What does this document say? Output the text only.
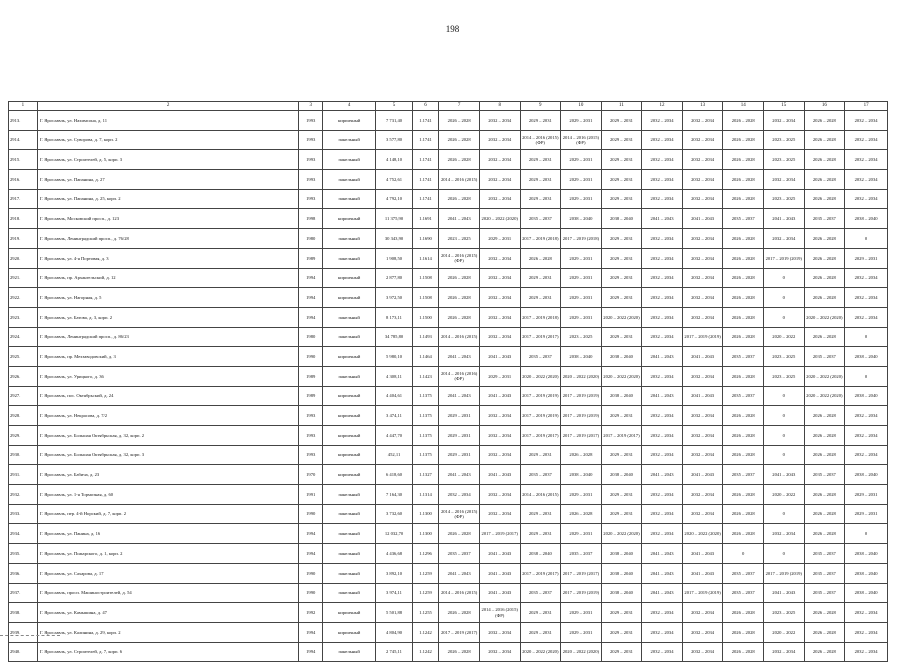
198
1	2	3	4	5	6	7	8	9	10	11	12	13	14	15	16	17
2913.	Г. Ярославль, ул. Нахимсона, д. 11	1993	кирпичный	7 731,40	1.1741	2026 – 2028	2032 – 2034	2029 – 2031	2029 – 2031	2029 – 2031	2032 – 2034	2032 – 2034	2026 – 2028	2032 – 2034	2026 – 2028	2032 – 2034
2914.	Г. Ярославль, ул. Суворова, д. 7, корп. 2	1993	панельный	3 577,80	1.1741	2026 – 2028	2032 – 2034	2014 – 2016 (2015) (ФР)	2014 – 2016 (2015) (ФР)	2029 – 2031	2032 – 2034	2032 – 2034	2026 – 2028	2023 – 2025	2026 – 2028	2032 – 2034
2915.	Г. Ярославль, ул. Строителей, д. 5, корп. 3	1993	панельный	4 148,10	1.1741	2026 – 2028	2032 – 2034	2029 – 2031	2029 – 2031	2029 – 2031	2032 – 2034	2032 – 2034	2026 – 2028	2023 – 2025	2026 – 2028	2032 – 2034
2916.	Г. Ярославль, ул. Папанина, д. 27	1993	панельный	4 752,61	1.1741	2014 – 2016 (2015)	2032 – 2034	2029 – 2031	2029 – 2031	2029 – 2031	2032 – 2034	2032 – 2034	2026 – 2028	2032 – 2034	2026 – 2028	2032 – 2034
2917.	Г. Ярославль, ул. Папанина, д. 25, корп. 2	1993	панельный	4 792,10	1.1741	2026 – 2028	2032 – 2034	2029 – 2031	2029 – 2031	2029 – 2031	2032 – 2034	2032 – 2034	2026 – 2028	2023 – 2025	2026 – 2028	2032 – 2034
2918.	Г. Ярославль, Московский просп., д. 123	1998	кирпичный	11 375,90	1.1691	2041 – 2043	2020 – 2022 (2020)	2035 – 2037	2038 – 2040	2038 – 2040	2041 – 2043	2041 – 2043	2035 – 2037	2041 – 2043	2035 – 2037	2038 – 2040
2919.	Г. Ярославль, Ленинградский просп., д. 76/28	1980	панельный	30 343,90	1.1690	2023 – 2025	2029 – 2031	2017 – 2019 (2018)	2017 – 2019 (2018)	2029 – 2031	2032 – 2034	2032 – 2034	2026 – 2028	2032 – 2034	2026 – 2028	0
2920.	Г. Ярославль, ул. 4-я Портовая, д. 3	1989	панельный	1 908,50	1.1614	2014 – 2016 (2015) (ФР)	2032 – 2034	2026 – 2028	2029 – 2031	2029 – 2031	2032 – 2034	2032 – 2034	2026 – 2028	2017 – 2019 (2019)	2026 – 2028	2029 – 2031
2921.	Г. Ярославль, пр. Архангельский, д. 12	1994	кирпичный	2 877,80	1.1508	2026 – 2028	2032 – 2034	2029 – 2031	2029 – 2031	2029 – 2031	2032 – 2034	2032 – 2034	2026 – 2028	0	2026 – 2028	2032 – 2034
2922.	Г. Ярославль, ул. Нагорная, д. 5	1994	кирпичный	3 972,50	1.1508	2026 – 2028	2032 – 2034	2029 – 2031	2029 – 2031	2029 – 2031	2032 – 2034	2032 – 2034	2026 – 2028	0	2026 – 2028	2032 – 2034
2923.	Г. Ярославль, ул. Батова, д. 3, корп. 2	1994	панельный	8 173,11	1.1500	2026 – 2028	2032 – 2034	2017 – 2019 (2018)	2029 – 2031	2020 – 2022 (2020)	2032 – 2034	2032 – 2034	2026 – 2028	0	2020 – 2022 (2020)	2032 – 2034
2924.	Г. Ярославль, Ленинградский просп., д. 86/23	1980	панельный	34 785,80	1.1493	2014 – 2016 (2015)	2032 – 2034	2017 – 2019 (2017)	2023 – 2025	2029 – 2031	2032 – 2034	2017 – 2019 (2019)	2026 – 2028	2020 – 2022	2026 – 2028	0
2925.	Г. Ярославль, пр. Мехзаводовский, д. 3	1990	кирпичный	5 980,10	1.1464	2041 – 2043	2041 – 2043	2035 – 2037	2038 – 2040	2038 – 2040	2041 – 2043	2041 – 2043	2035 – 2037	2023 – 2025	2035 – 2037	2038 – 2040
2926.	Г. Ярославль, ул. Урицкого, д. 36	1989	панельный	4 308,11	1.1423	2014 – 2016 (2016) (ФР)	2029 – 2031	2020 – 2022 (2020)	2020 – 2022 (2020)	2020 – 2022 (2020)	2032 – 2034	2032 – 2034	2026 – 2028	2023 – 2025	2020 – 2022 (2020)	0
2927.	Г. Ярославль, пос. Октябрьский, д. 24	1989	кирпичный	4 404,61	1.1375	2041 – 2043	2041 – 2043	2017 – 2019 (2019)	2017 – 2019 (2019)	2038 – 2040	2041 – 2043	2041 – 2043	2035 – 2037	0	2020 – 2022 (2020)	2038 – 2040
2928.	Г. Ярославль, ул. Некрасова, д. 7/2	1993	кирпичный	3 474,11	1.1375	2029 – 2031	2032 – 2034	2017 – 2019 (2019)	2017 – 2019 (2019)	2029 – 2031	2032 – 2034	2032 – 2034	2026 – 2028	0	2026 – 2028	2032 – 2034
2929.	Г. Ярославль, ул. Большая Октябрьская, д. 32, корп. 2	1993	кирпичный	4 447,70	1.1375	2029 – 2031	2032 – 2034	2017 – 2019 (2017)	2017 – 2019 (2017)	2017 – 2019 (2017)	2032 – 2034	2032 – 2034	2026 – 2028	0	2026 – 2028	2032 – 2034
2930.	Г. Ярославль, ул. Большая Октябрьская, д. 32, корп. 3	1993	кирпичный	452,11	1.1375	2029 – 2031	2032 – 2034	2029 – 2031	2026 – 2028	2029 – 2031	2032 – 2034	2032 – 2034	2026 – 2028	0	2026 – 2028	2032 – 2034
2931.	Г. Ярославль, ул. Бабича, д. 23	1970	кирпичный	6 418,60	1.1327	2041 – 2043	2041 – 2043	2035 – 2037	2038 – 2040	2038 – 2040	2041 – 2043	2041 – 2043	2035 – 2037	2041 – 2043	2035 – 2037	2038 – 2040
2932.	Г. Ярославль, ул. 1-я Тормозная, д. 60	1991	панельный	7 164,30	1.1314	2032 – 2034	2032 – 2034	2014 – 2016 (2015)	2029 – 2031	2029 – 2031	2032 – 2034	2032 – 2034	2026 – 2028	2020 – 2022	2026 – 2028	2029 – 2031
2933.	Г. Ярославль, пер. 4-й Норский, д. 7, корп. 2	1990	панельный	3 732,60	1.1300	2014 – 2016 (2015) (ФР)	2032 – 2034	2029 – 2031	2026 – 2028	2029 – 2031	2032 – 2034	2032 – 2034	2026 – 2028	0	2026 – 2028	2029 – 2031
2934.	Г. Ярославль, ул. Панина, д. 16	1994	панельный	12 032,70	1.1300	2026 – 2028	2017 – 2019 (2017)	2029 – 2031	2029 – 2031	2020 – 2022 (2020)	2032 – 2034	2020 – 2022 (2020)	2026 – 2028	2032 – 2034	2026 – 2028	0
2935.	Г. Ярославль, ул. Пожарского, д. 1, корп. 2	1994	панельный	4 436,68	1.1296	2035 – 2037	2041 – 2043	2038 – 2040	2035 – 2037	2038 – 2040	2041 – 2043	2041 – 2043	0	0	2035 – 2037	2038 – 2040
2936.	Г. Ярославль, ул. Сахарова, д. 17	1990	панельный	3 892,10	1.1259	2041 – 2043	2041 – 2043	2017 – 2019 (2017)	2017 – 2019 (2017)	2038 – 2040	2041 – 2043	2041 – 2043	2035 – 2037	2017 – 2019 (2019)	2035 – 2037	2038 – 2040
2937.	Г. Ярославль, просп. Машиностроителей, д. 54	1990	панельный	3 974,11	1.1259	2014 – 2016 (2015)	2041 – 2043	2035 – 2037	2017 – 2019 (2019)	2038 – 2040	2041 – 2043	2017 – 2019 (2019)	2035 – 2037	2041 – 2043	2035 – 2037	2038 – 2040
2938.	Г. Ярославль, ул. Камышина, д. 47	1992	кирпичный	5 501,88	1.1255	2026 – 2028	2014 – 2016 (2015) (ФР)	2029 – 2031	2029 – 2031	2029 – 2031	2032 – 2034	2032 – 2034	2026 – 2028	2023 – 2025	2026 – 2028	2032 – 2034
2939.	Г. Ярославль, ул. Калинина, д. 29, корп. 2	1994	кирпичный	4 804,90	1.1242	2017 – 2019 (2017)	2032 – 2034	2029 – 2031	2029 – 2031	2029 – 2031	2032 – 2034	2032 – 2034	2026 – 2028	2020 – 2022	2026 – 2028	2032 – 2034
2940.	Г. Ярославль, ул. Строителей, д. 7, корп. 6	1994	панельный	2 745,11	1.1242	2026 – 2028	2032 – 2034	2020 – 2022 (2020)	2020 – 2022 (2020)	2029 – 2031	2032 – 2034	2032 – 2034	2026 – 2028	2032 – 2034	2026 – 2028	2032 – 2034
